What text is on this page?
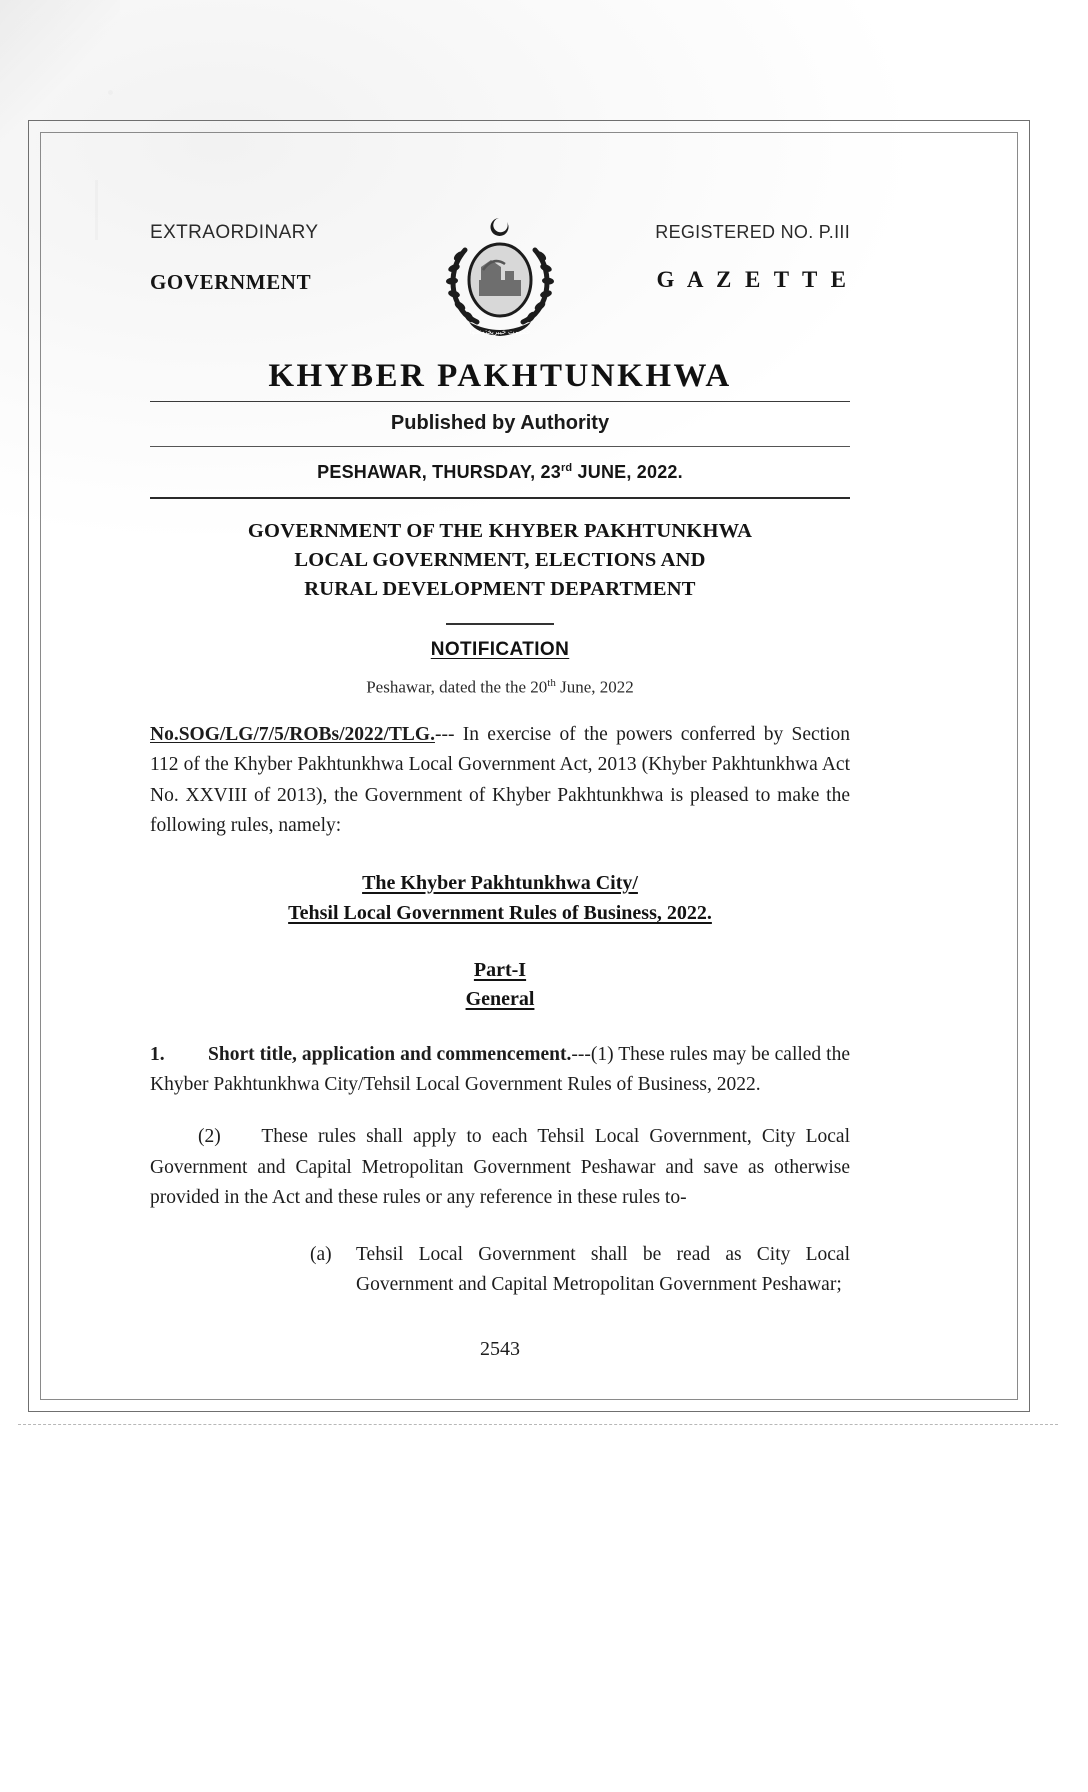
EXTRAORDINARY
GOVERNMENT
حکومت خیبرپختونخوا
REGISTERED NO. P.III
G A Z E T T E
KHYBER PAKHTUNKHWA
Published by Authority
PESHAWAR, THURSDAY, 23rd JUNE, 2022.
GOVERNMENT OF THE KHYBER PAKHTUNKHWA
LOCAL GOVERNMENT, ELECTIONS AND
RURAL DEVELOPMENT DEPARTMENT
NOTIFICATION
Peshawar, dated the the 20th June, 2022
No.SOG/LG/7/5/ROBs/2022/TLG.--- In exercise of the powers conferred by Section 112 of the Khyber Pakhtunkhwa Local Government Act, 2013 (Khyber Pakhtunkhwa Act No. XXVIII of 2013), the Government of Khyber Pakhtunkhwa is pleased to make the following rules, namely:
The Khyber Pakhtunkhwa City/
Tehsil Local Government Rules of Business, 2022.
Part-I
General
1.	Short title, application and commencement.---(1) These rules may be called the Khyber Pakhtunkhwa City/Tehsil Local Government Rules of Business, 2022.
(2) These rules shall apply to each Tehsil Local Government, City Local Government and Capital Metropolitan Government Peshawar and save as otherwise provided in the Act and these rules or any reference in these rules to-
(a) Tehsil Local Government shall be read as City Local Government and Capital Metropolitan Government Peshawar;
2543
